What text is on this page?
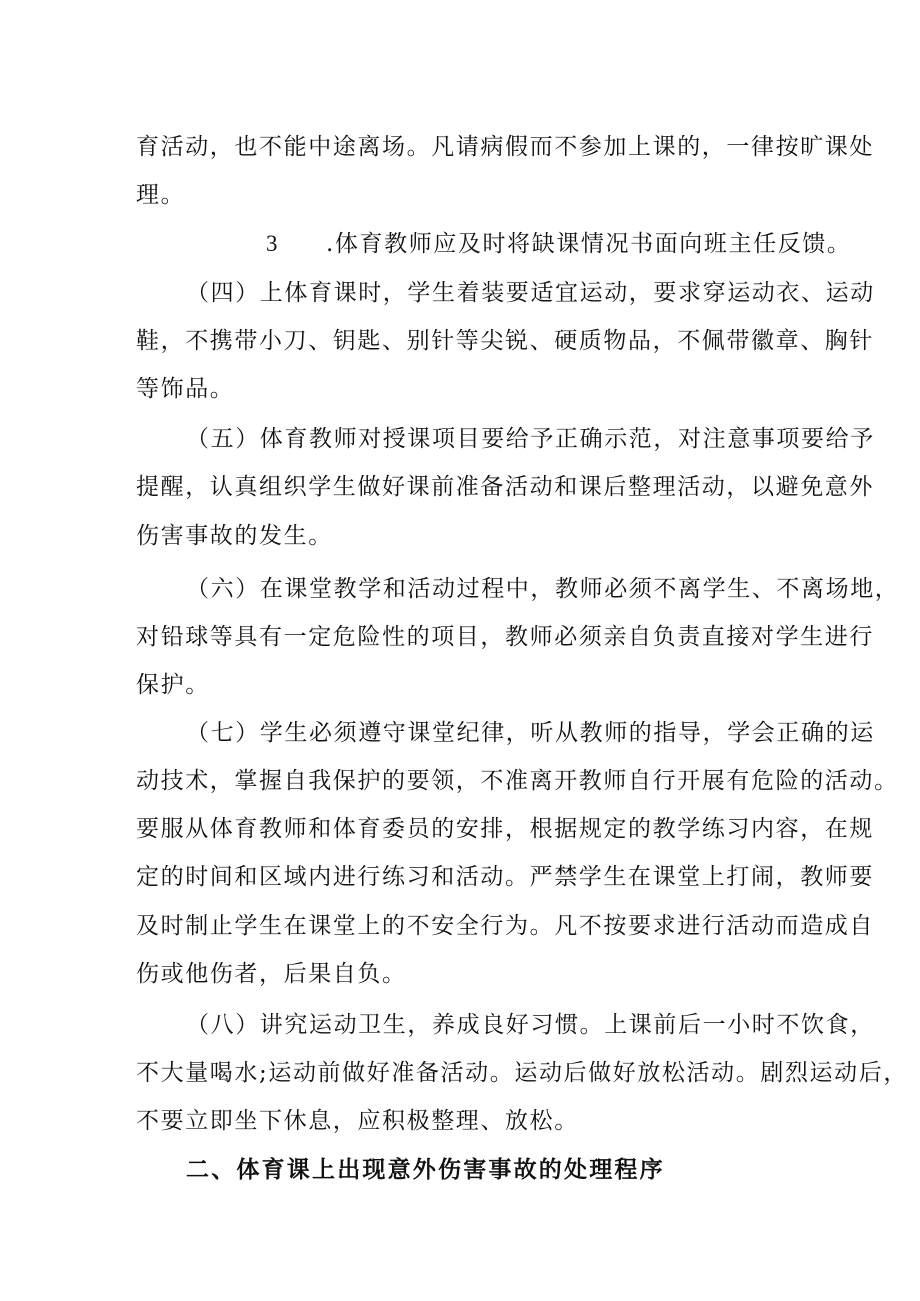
育活动，也不能中途离场。凡请病假而不参加上课的，一律按旷课处
理。
3 .体育教师应及时将缺课情况书面向班主任反馈。
（四）上体育课时，学生着装要适宜运动，要求穿运动衣、运动
鞋，不携带小刀、钥匙、别针等尖锐、硬质物品，不佩带徽章、胸针
等饰品。
（五）体育教师对授课项目要给予正确示范，对注意事项要给予
提醒，认真组织学生做好课前准备活动和课后整理活动，以避免意外
伤害事故的发生。
（六）在课堂教学和活动过程中，教师必须不离学生、不离场地，
对铅球等具有一定危险性的项目，教师必须亲自负责直接对学生进行
保护。
（七）学生必须遵守课堂纪律，听从教师的指导，学会正确的运
动技术，掌握自我保护的要领，不准离开教师自行开展有危险的活动。
要服从体育教师和体育委员的安排，根据规定的教学练习内容，在规
定的时间和区域内进行练习和活动。严禁学生在课堂上打闹，教师要
及时制止学生在课堂上的不安全行为。凡不按要求进行活动而造成自
伤或他伤者，后果自负。
（八）讲究运动卫生，养成良好习惯。上课前后一小时不饮食，
不大量喝水;运动前做好准备活动。运动后做好放松活动。剧烈运动后，
不要立即坐下休息，应积极整理、放松。
二、体育课上出现意外伤害事故的处理程序
